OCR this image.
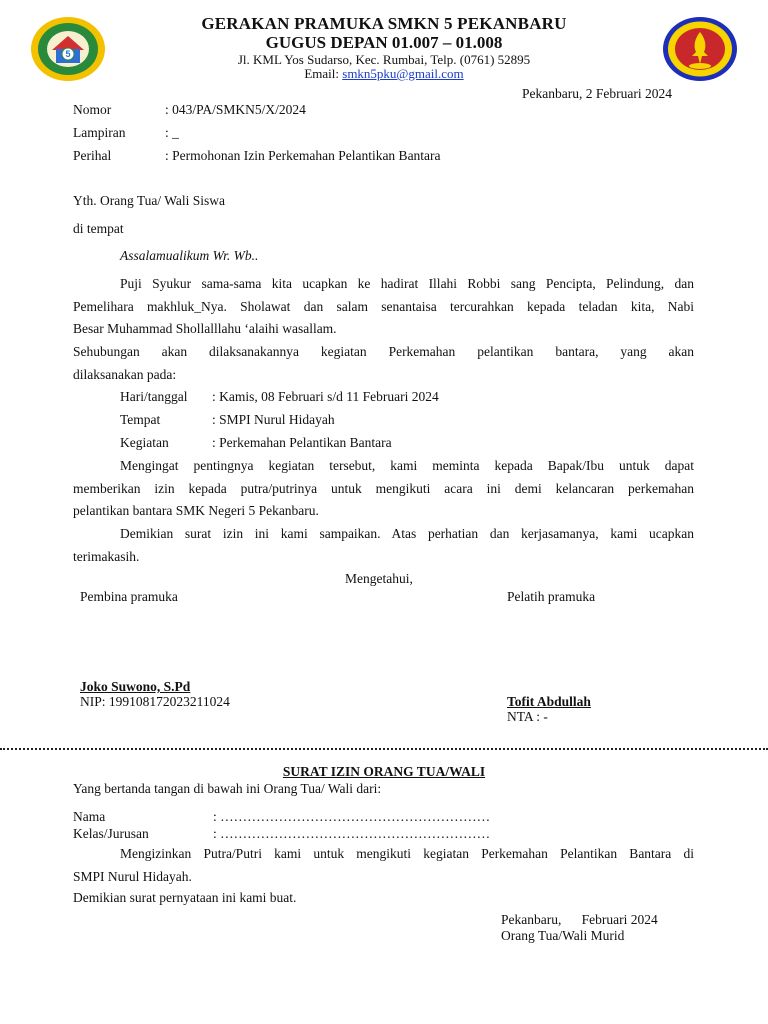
5
GERAKAN PRAMUKA SMKN 5 PEKANBARU
GUGUS DEPAN 01.007 – 01.008
Jl. KML Yos Sudarso, Kec. Rumbai, Telp. (0761) 52895
Email: smkn5pku@gmail.com
Pekanbaru, 2 Februari 2024
Nomor	: 043/PA/SMKN5/X/2024
Lampiran	: _
Perihal	: Permohonan Izin Perkemahan Pelantikan Bantara
Yth. Orang Tua/ Wali Siswa
di tempat
Assalamualikum Wr. Wb..
Puji Syukur sama-sama kita ucapkan ke hadirat Illahi Robbi sang Pencipta, Pelindung, dan
Pemelihara makhluk_Nya. Sholawat dan salam senantaisa tercurahkan kepada teladan kita, Nabi
Besar Muhammad Shollalllahu ‘alaihi wasallam.
Sehubungan akan dilaksanakannya kegiatan Perkemahan pelantikan bantara, yang akan
dilaksanakan pada:
Hari/tanggal : Kamis, 08 Februari s/d 11 Februari 2024
Tempat	: SMPI Nurul Hidayah
Kegiatan	: Perkemahan Pelantikan Bantara
Mengingat pentingnya kegiatan tersebut, kami meminta kepada Bapak/Ibu untuk dapat
memberikan izin kepada putra/putrinya untuk mengikuti acara ini demi kelancaran perkemahan
pelantikan bantara SMK Negeri 5 Pekanbaru.
Demikian surat izin ini kami sampaikan. Atas perhatian dan kerjasamanya, kami ucapkan
terimakasih.
Mengetahui,
Pembina pramuka	Pelatih pramuka
Joko Suwono, S.Pd
NIP: 199108172023211024	Tofit Abdullah
NTA : -
SURAT IZIN ORANG TUA/WALI
Yang bertanda tangan di bawah ini Orang Tua/ Wali dari:
Nama	: ……………………………………………………
Kelas/Jurusan	: ……………………………………………………
Mengizinkan Putra/Putri kami untuk mengikuti kegiatan Perkemahan Pelantikan Bantara di
SMPI Nurul Hidayah.
Demikian surat pernyataan ini kami buat.
Pekanbaru,      Februari 2024
Orang Tua/Wali Murid
